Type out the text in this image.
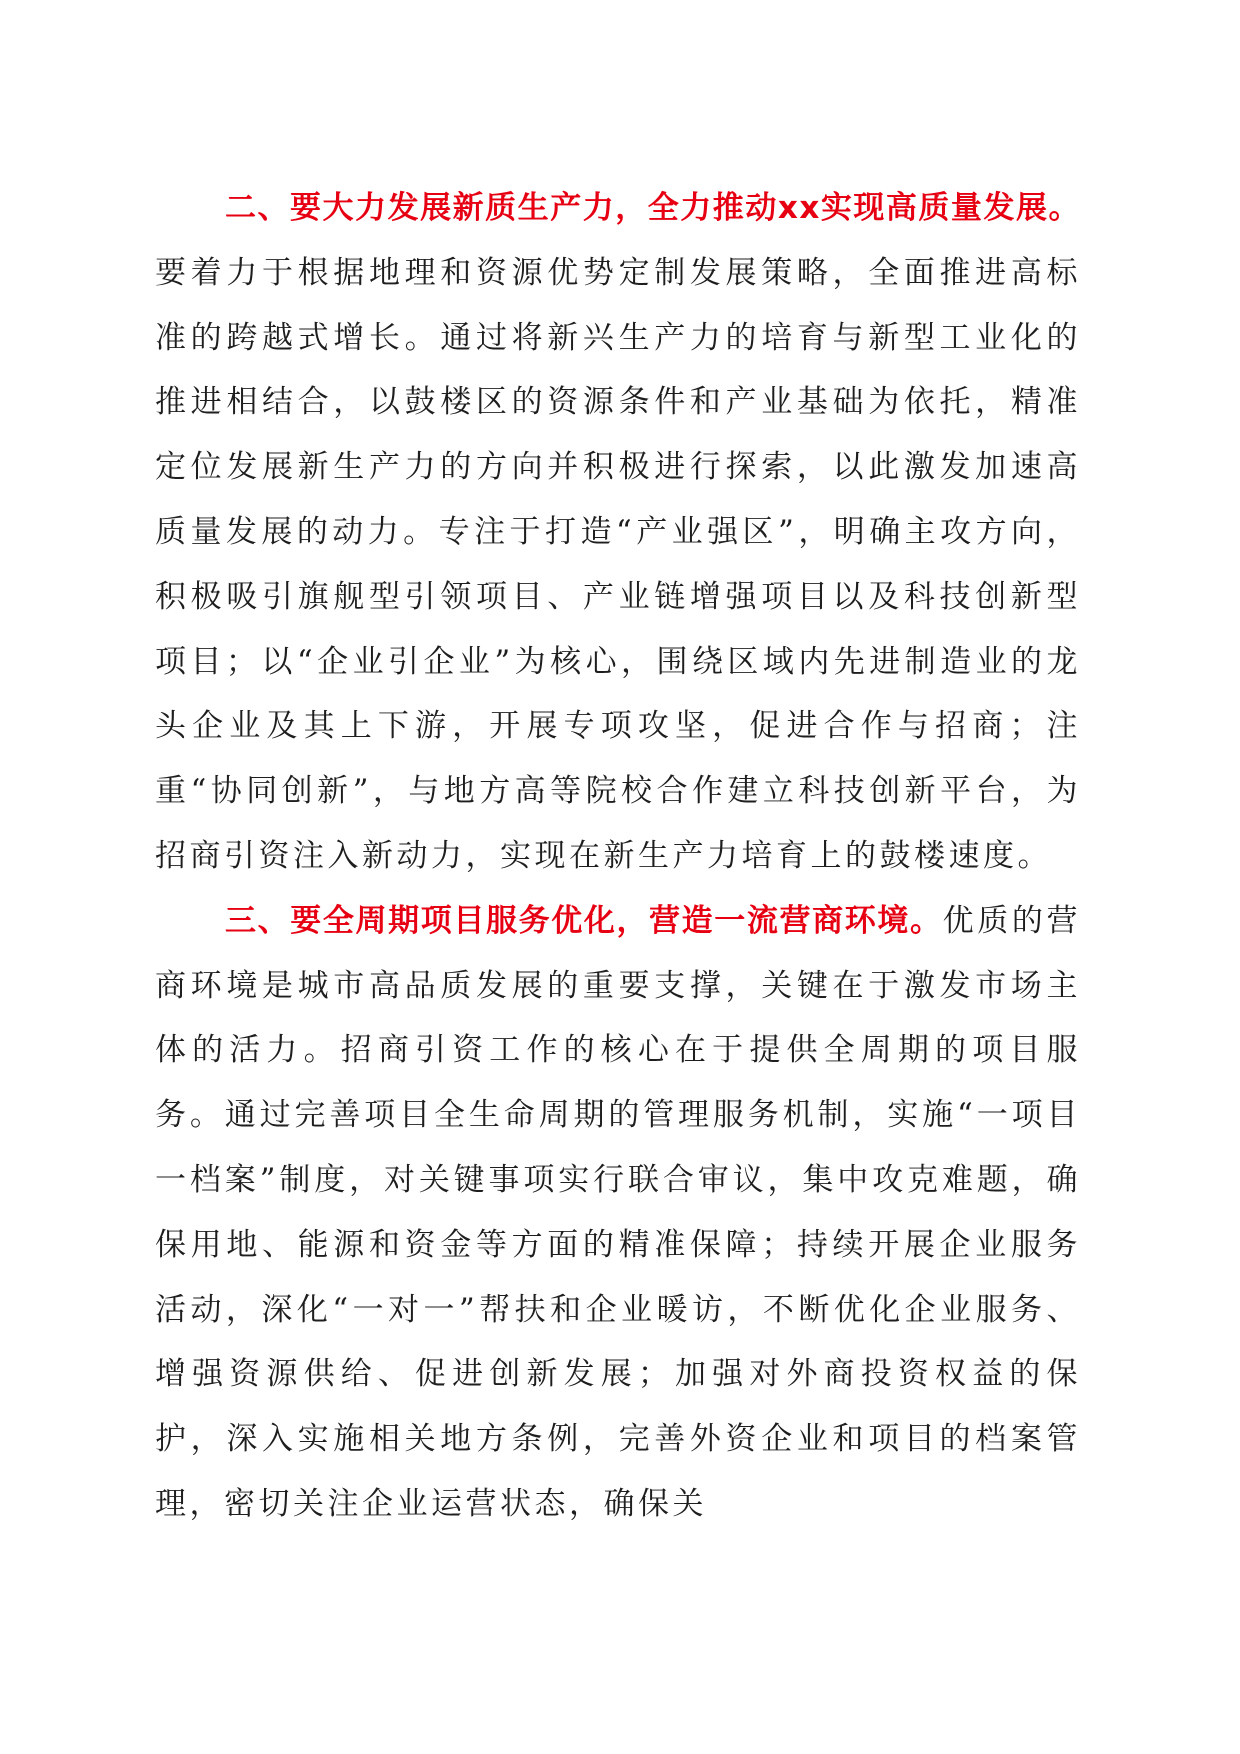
二、要大力发展新质生产力，全力推动xx实现高质量发展。要着力于根据地理和资源优势定制发展策略，全面推进高标准的跨越式增长。通过将新兴生产力的培育与新型工业化的推进相结合，以鼓楼区的资源条件和产业基础为依托，精准定位发展新生产力的方向并积极进行探索，以此激发加速高质量发展的动力。专注于打造“产业强区”，明确主攻方向，积极吸引旗舰型引领项目、产业链增强项目以及科技创新型项目；以“企业引企业”为核心，围绕区域内先进制造业的龙头企业及其上下游，开展专项攻坚，促进合作与招商；注重“协同创新”，与地方高等院校合作建立科技创新平台，为招商引资注入新动力，实现在新生产力培育上的鼓楼速度。

三、要全周期项目服务优化，营造一流营商环境。优质的营商环境是城市高品质发展的重要支撑，关键在于激发市场主体的活力。招商引资工作的核心在于提供全周期的项目服务。通过完善项目全生命周期的管理服务机制，实施“一项目一档案”制度，对关键事项实行联合审议，集中攻克难题，确保用地、能源和资金等方面的精准保障；持续开展企业服务活动，深化“一对一”帮扶和企业暖访，不断优化企业服务、增强资源供给、促进创新发展；加强对外商投资权益的保护，深入实施相关地方条例，完善外资企业和项目的档案管理，密切关注企业运营状态，确保关
